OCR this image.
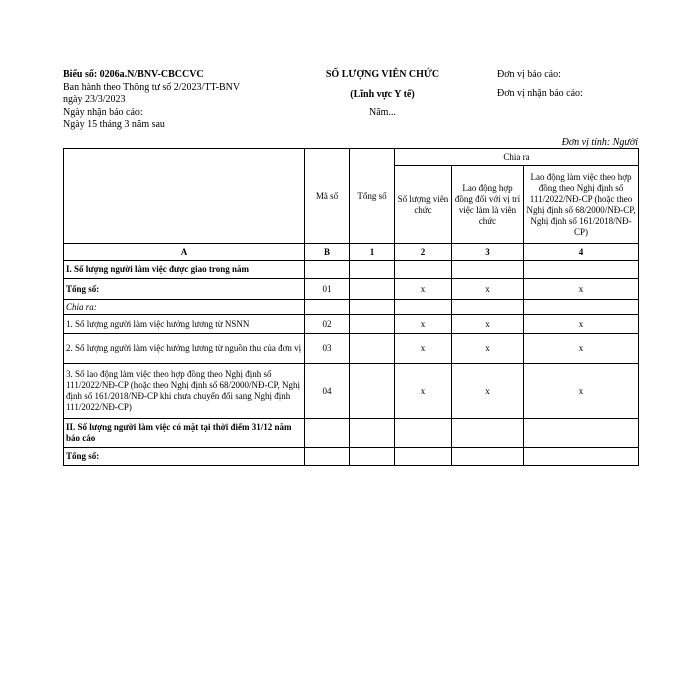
Biểu số: 0206a.N/BNV-CBCCVC
Ban hành theo Thông tư số 2/2023/TT-BNV
ngày 23/3/2023
Ngày nhận báo cáo:
Ngày 15 tháng 3 năm sau
SỐ LƯỢNG VIÊN CHỨC
(Lĩnh vực Y tế)
Năm...
Đơn vị báo cáo:
Đơn vị nhận báo cáo:
Đơn vị tính: Người
	Mã số	Tổng số	Chia ra		
			Số lượng viên chức	Lao động hợp đồng đối với vị trí việc làm là viên chức	Lao động làm việc theo hợp đồng theo Nghị định số 111/2022/NĐ-CP (hoặc theo Nghị định số 68/2000/NĐ-CP, Nghị định số 161/2018/NĐ-CP)
A	B	1	2	3	4
I. Số lượng người làm việc được giao trong năm					
Tổng số:	01		x	x	x
Chia ra:					
1. Số lượng người làm việc hưởng lương từ NSNN	02		x	x	x
2. Số lượng người làm việc hưởng lương từ nguồn thu của đơn vị	03		x	x	x
3. Số lao động làm việc theo hợp đồng theo Nghị định số 111/2022/NĐ-CP (hoặc theo Nghị định số 68/2000/NĐ-CP, Nghị định số 161/2018/NĐ-CP khi chưa chuyển đổi sang Nghị định 111/2022/NĐ-CP)	04		x	x	x
II. Số lượng người làm việc có mặt tại thời điểm 31/12 năm báo cáo					
Tổng số:					
